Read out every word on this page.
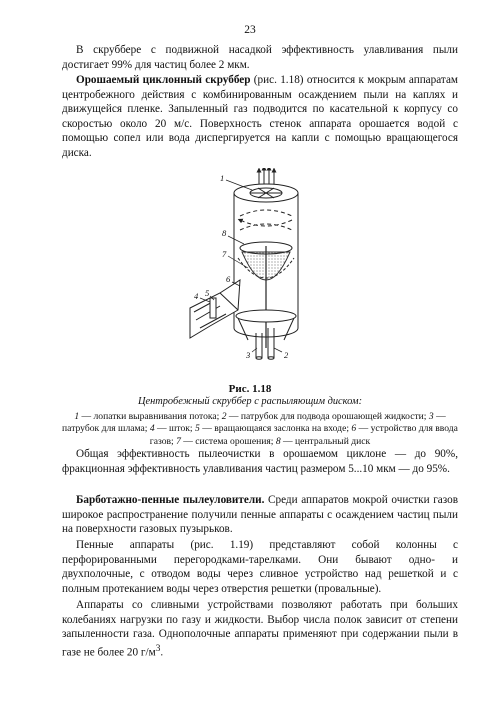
23

В скруббере с подвижной насадкой эффективность улавливания пыли достигает 99% для частиц более 2 мкм.

Орошаемый циклонный скруббер (рис. 1.18) относится к мокрым аппаратам центробежного действия с комбинированным осаждением пыли на каплях и движущейся пленке. Запыленный газ подводится по касательной к корпусу со скоростью около 20 м/с. Поверхность стенок аппарата орошается водой с помощью сопел или вода диспергируется на капли с помощью вращающегося диска.

1
2
3
4 5
6
7
8
Рис. 1.18
Центробежный скруббер с распыляющим диском:
1 — лопатки выравнивания потока; 2 — патрубок для подвода орошающей жидкости; 3 — патрубок для шлама; 4 — шток; 5 — вращающаяся заслонка на входе; 6 — устройство для ввода газов; 7 — система орошения; 8 — центральный диск

Общая эффективность пылеочистки в орошаемом циклоне — до 90%, фракционная эффективность улавливания частиц размером 5...10 мкм — до 95%.

Барботажно-пенные пылеуловители. Среди аппаратов мокрой очистки газов широкое распространение получили пенные аппараты с осаждением частиц пыли на поверхности газовых пузырьков.

Пенные аппараты (рис. 1.19) представляют собой колонны с перфорированными перегородками-тарелками. Они бывают одно- и двухполочные, с отводом воды через сливное устройство над решеткой и с полным протеканием воды через отверстия решетки (провальные).

Аппараты со сливными устройствами позволяют работать при больших колебаниях нагрузки по газу и жидкости. Выбор числа полок зависит от степени запыленности газа. Однополочные аппараты применяют при содержании пыли в газе не более 20 $г/м^3$.
